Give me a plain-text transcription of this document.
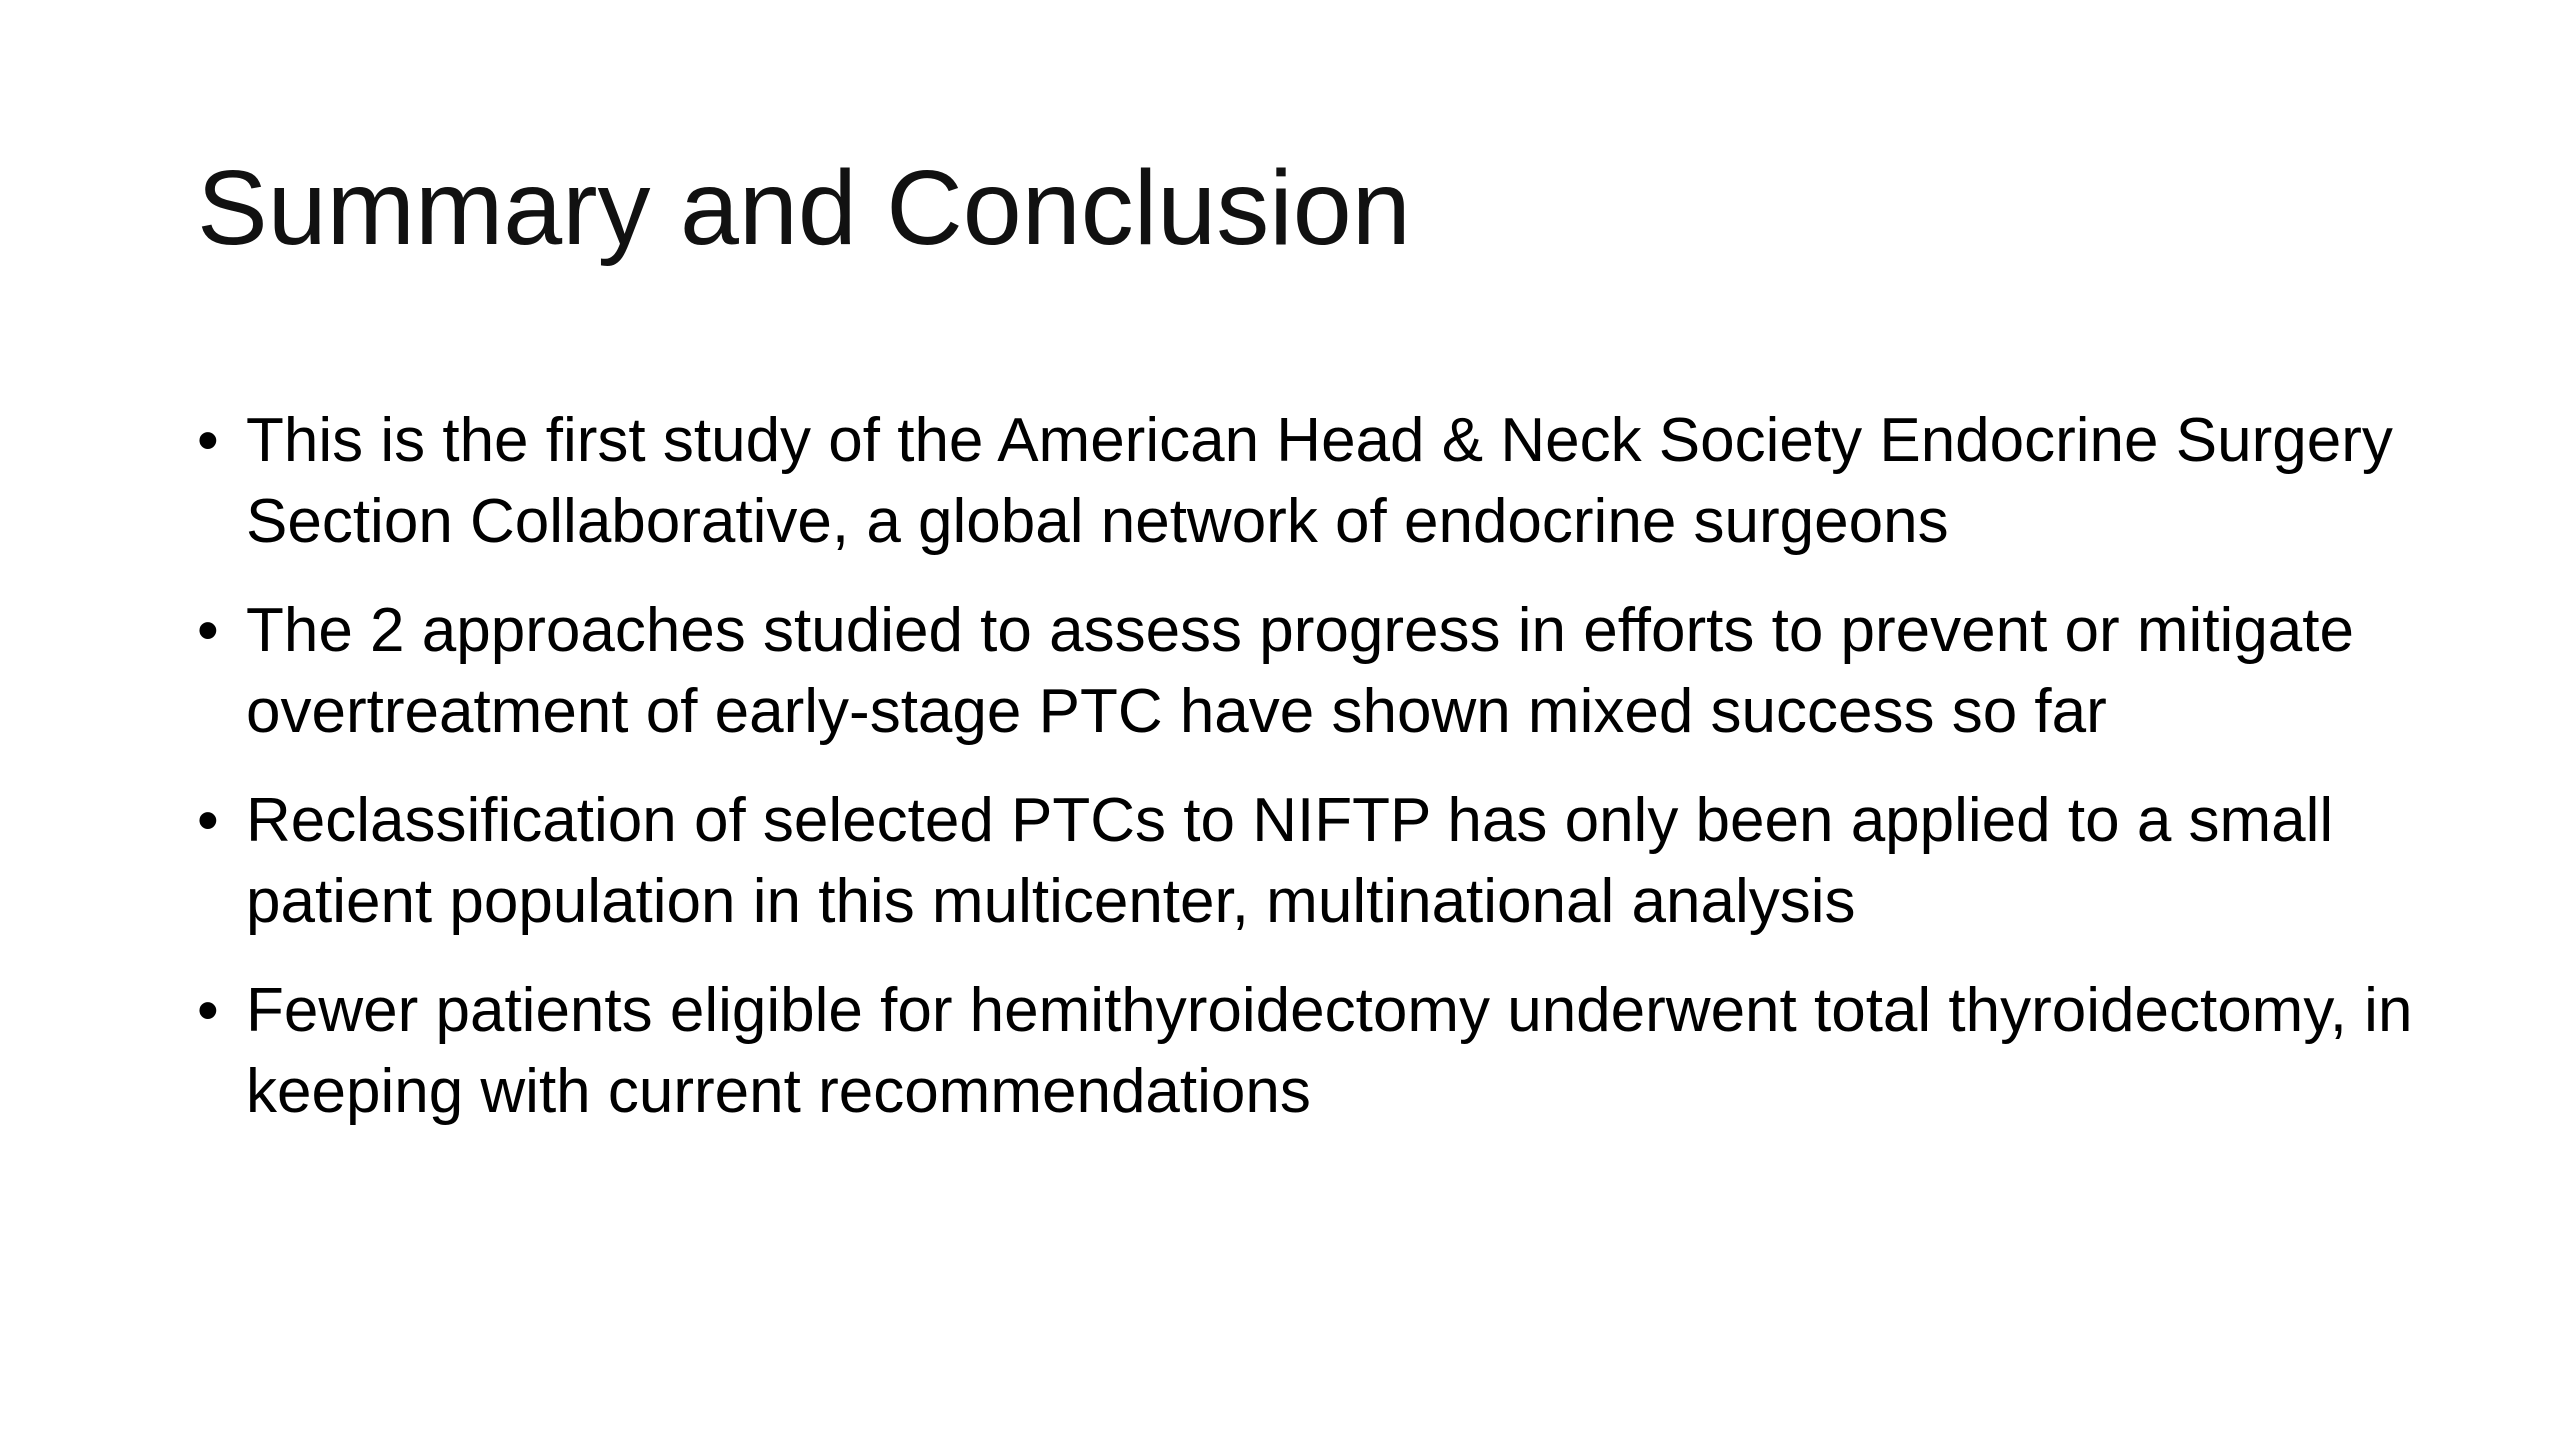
Summary and Conclusion
• This is the first study of the American Head & Neck Society Endocrine Surgery Section Collaborative, a global network of endocrine surgeons
• The 2 approaches studied to assess progress in efforts to prevent or mitigate overtreatment of early-stage PTC have shown mixed success so far
• Reclassification of selected PTCs to NIFTP has only been applied to a small patient population in this multicenter, multinational analysis
• Fewer patients eligible for hemithyroidectomy underwent total thyroidectomy, in keeping with current recommendations
